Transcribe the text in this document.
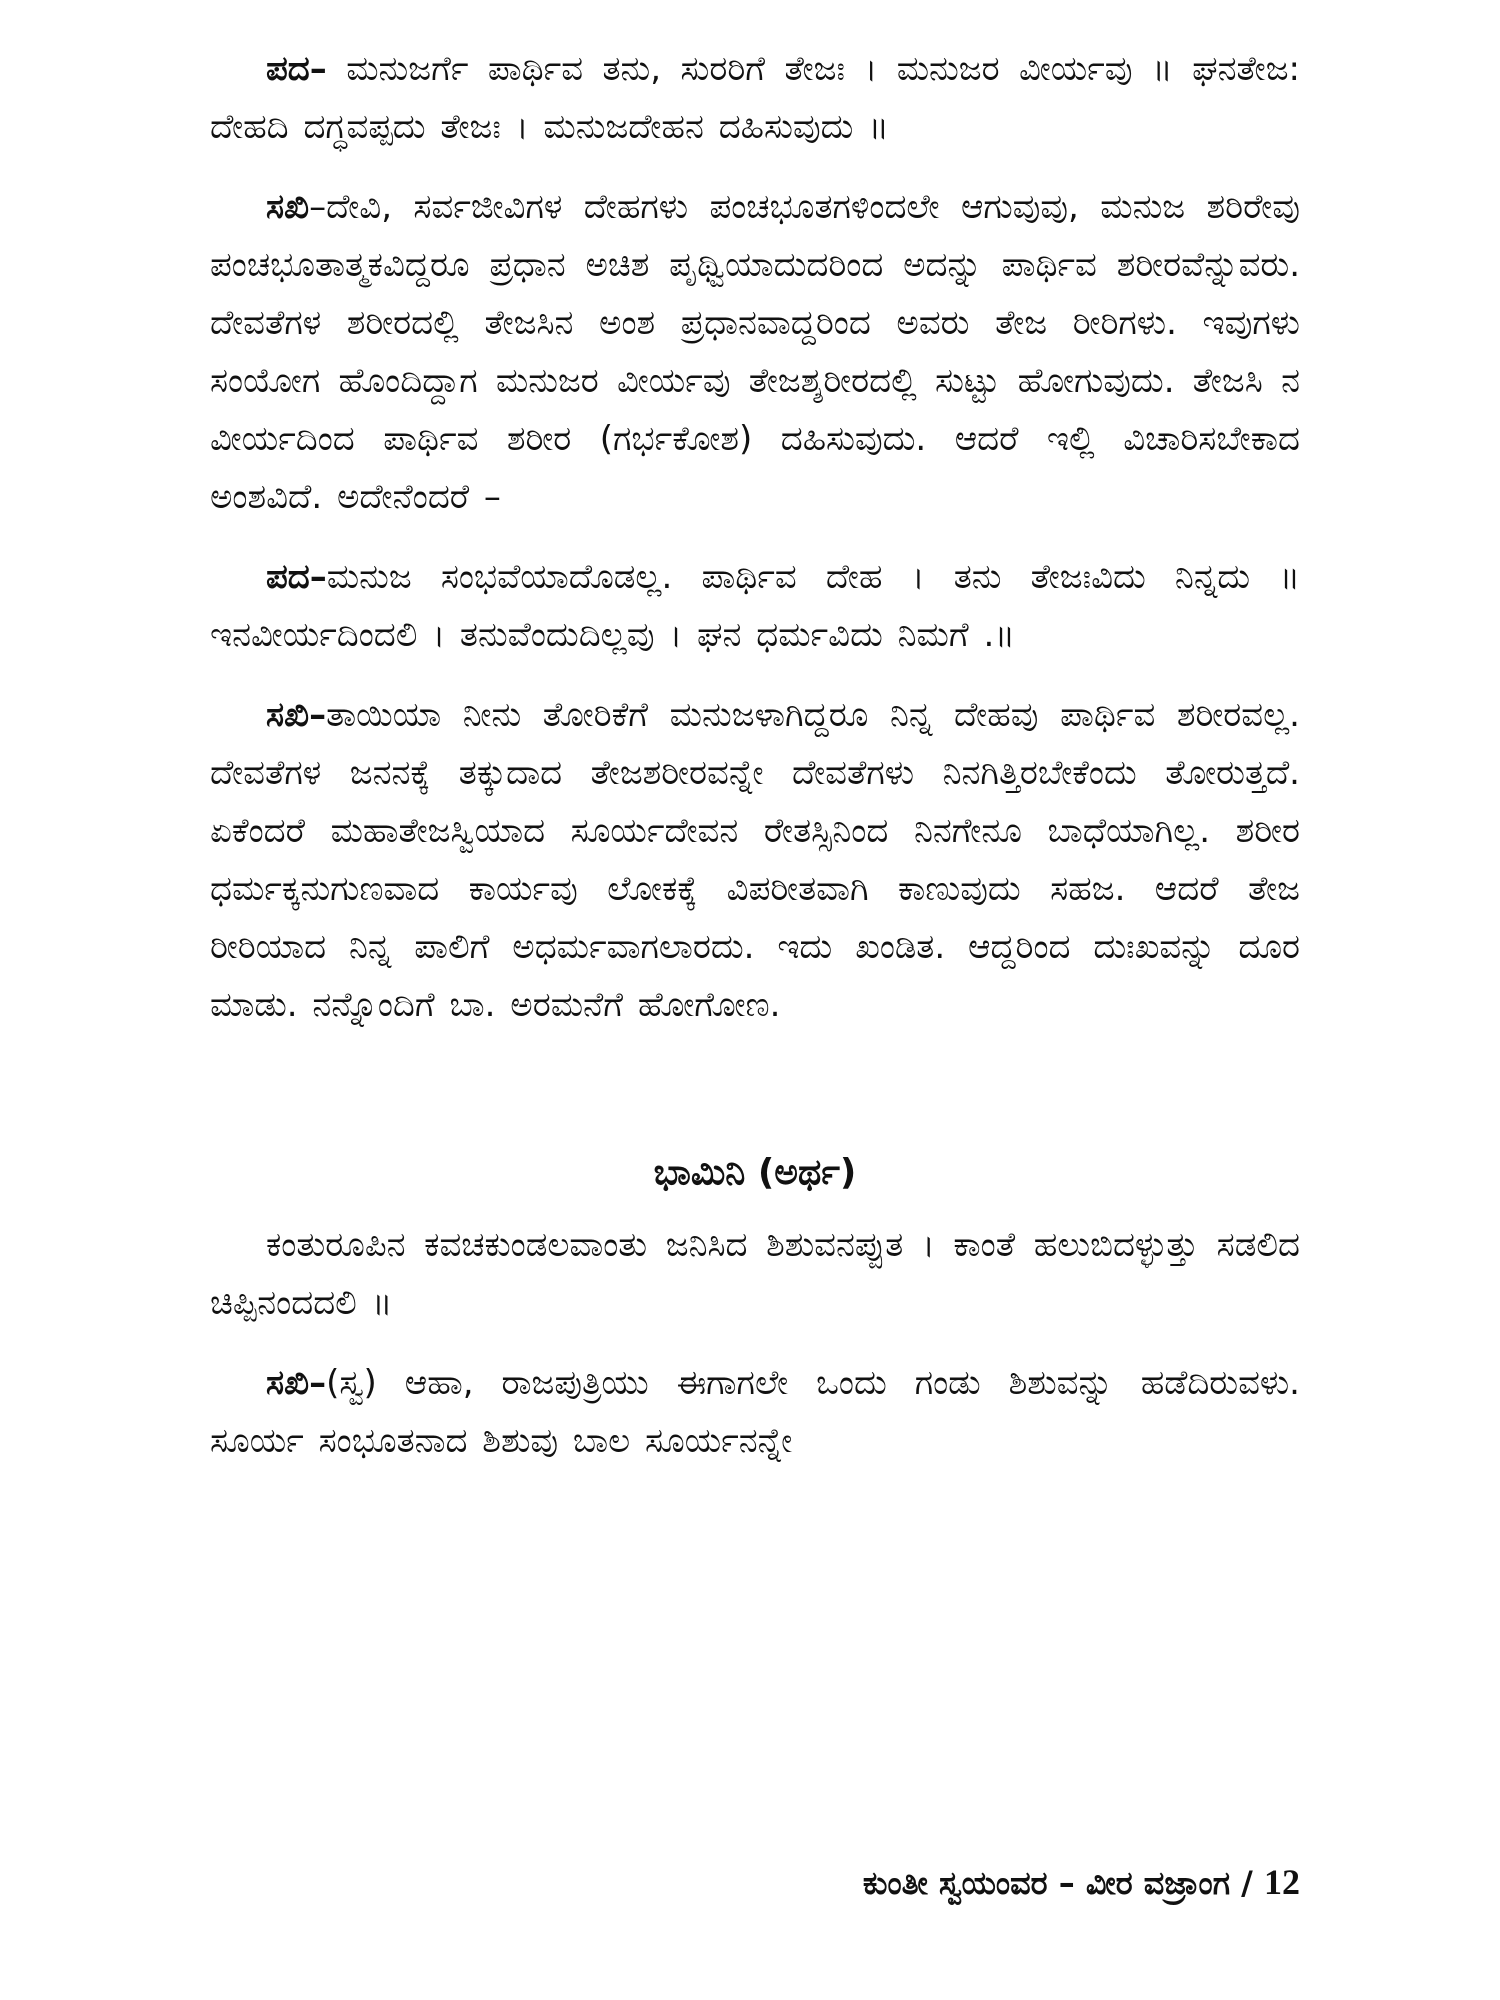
ಪದ– ಮನುಜರ್ಗೆ ಪಾರ್ಥಿವ ತನು, ಸುರರಿಗೆ ತೇಜಃ । ಮನುಜರ ವೀರ್ಯವು ॥ ಘನತೇಜ: ದೇಹದಿ ದಗ್ಧವಪ್ಪದು ತೇಜಃ । ಮನುಜದೇಹನ ದಹಿಸುವುದು ॥

ಸಖಿ–ದೇವಿ, ಸರ್ವಜೀವಿಗಳ ದೇಹಗಳು ಪಂಚಭೂತಗಳಿಂದಲೇ ಆಗುವುವು, ಮನುಜ ಶರಿರೇವು ಪಂಚಭೂತಾತ್ಮಕವಿದ್ದರೂ ಪ್ರಧಾನ ಅಚಿಶ ಪೃಥ್ವಿಯಾದುದರಿಂದ ಅದನ್ನು ಪಾರ್ಥಿವ ಶರೀರವೆನ್ನುವರು. ದೇವತೆಗಳ ಶರೀರದಲ್ಲಿ ತೇಜಸಿನ ಅಂಶ ಪ್ರಧಾನವಾದ್ದರಿಂದ ಅವರು ತೇಜ ರೀರಿಗಳು. ಇವುಗಳು ಸಂಯೋಗ ಹೊಂದಿದ್ದಾಗ ಮನುಜರ ವೀರ್ಯವು ತೇಜಶ್ಶರೀರದಲ್ಲಿ ಸುಟ್ಟು ಹೋಗುವುದು. ತೇಜಸಿ ನ ವೀರ್ಯದಿಂದ ಪಾರ್ಥಿವ ಶರೀರ (ಗರ್ಭಕೋಶ) ದಹಿಸುವುದು. ಆದರೆ ಇಲ್ಲಿ ವಿಚಾರಿಸಬೇಕಾದ ಅಂಶವಿದೆ. ಅದೇನೆಂದರೆ –

ಪದ–ಮನುಜ ಸಂಭವೆಯಾದೊಡಲ್ಲ. ಪಾರ್ಥಿವ ದೇಹ । ತನು ತೇಜಃವಿದು ನಿನ್ನದು ॥ ಇನವೀರ್ಯದಿಂದಲಿ । ತನುವೆಂದುದಿಲ್ಲವು । ಘನ ಧರ್ಮವಿದು ನಿಮಗೆ .॥

ಸಖಿ–ತಾಯಿಯಾ ನೀನು ತೋರಿಕೆಗೆ ಮನುಜಳಾಗಿದ್ದರೂ ನಿನ್ನ ದೇಹವು ಪಾರ್ಥಿವ ಶರೀರವಲ್ಲ. ದೇವತೆಗಳ ಜನನಕ್ಕೆ ತಕ್ಕುದಾದ ತೇಜಶರೀರವನ್ನೇ ದೇವತೆಗಳು ನಿನಗಿತ್ತಿರಬೇಕೆಂದು ತೋರುತ್ತದೆ. ಏಕೆಂದರೆ ಮಹಾತೇಜಸ್ವಿಯಾದ ಸೂರ್ಯದೇವನ ರೇತಸ್ಸಿನಿಂದ ನಿನಗೇನೂ ಬಾಧೆಯಾಗಿಲ್ಲ. ಶರೀರ ಧರ್ಮಕ್ಕನುಗುಣವಾದ ಕಾರ್ಯವು ಲೋಕಕ್ಕೆ ವಿಪರೀತವಾಗಿ ಕಾಣುವುದು ಸಹಜ. ಆದರೆ ತೇಜ ರೀರಿಯಾದ ನಿನ್ನ ಪಾಲಿಗೆ ಅಧರ್ಮವಾಗಲಾರದು. ಇದು ಖಂಡಿತ. ಆದ್ದರಿಂದ ದುಃಖವನ್ನು ದೂರ ಮಾಡು. ನನ್ನೊಂದಿಗೆ ಬಾ. ಅರಮನೆಗೆ ಹೋಗೋಣ.

ಭಾಮಿನಿ (ಅರ್ಥ)

ಕಂತುರೂಪಿನ ಕವಚಕುಂಡಲವಾಂತು ಜನಿಸಿದ ಶಿಶುವನಪ್ಪುತ । ಕಾಂತೆ ಹಲುಬಿದಳ್ಳುತ್ತು ಸಡಲಿದ ಚಿಪ್ಪಿನಂದದಲಿ ॥

ಸಖಿ–(ಸ್ವ) ಆಹಾ, ರಾಜಪುತ್ರಿಯು ಈಗಾಗಲೇ ಒಂದು ಗಂಡು ಶಿಶುವನ್ನು ಹಡೆದಿರುವಳು. ಸೂರ್ಯ ಸಂಭೂತನಾದ ಶಿಶುವು ಬಾಲ ಸೂರ್ಯನನ್ನೇ

ಕುಂತೀ ಸ್ವಯಂವರ – ವೀರ ವಜ್ರಾಂಗ / 12
